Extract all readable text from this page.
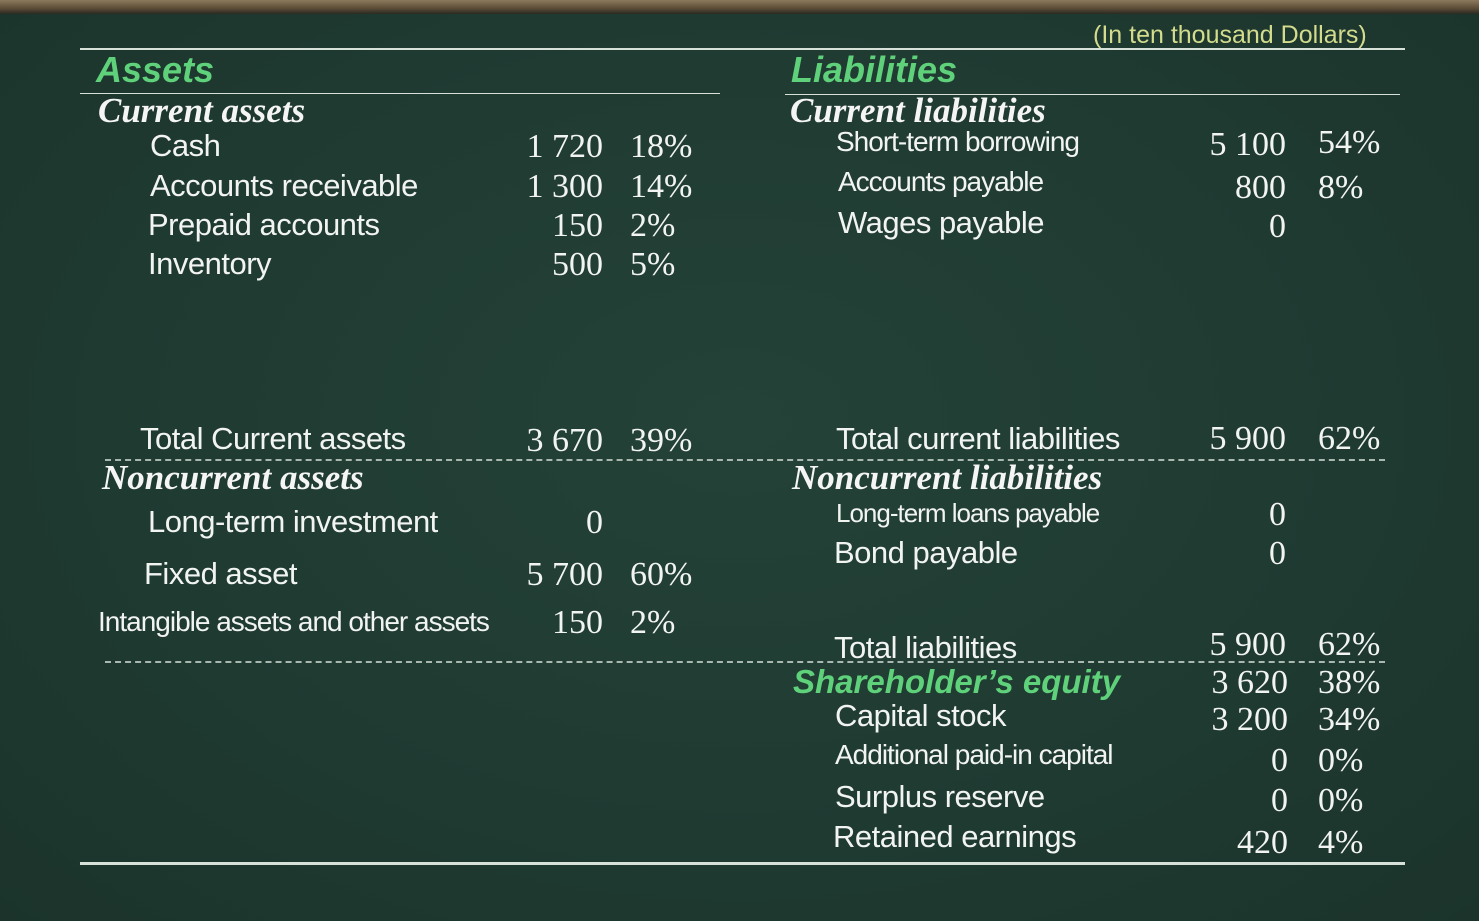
(In ten thousand Dollars)
Assets
Current assets
Cash	1 720 18%
Accounts receivable	1 300 14%
Prepaid accounts	150 2%
Inventory	500 5%
Total Current assets	3 670 39%
Noncurrent assets
Long-term investment	0
Fixed asset	5 700 60%
Intangible assets and other assets	150 2%
Liabilities
Current liabilities
Short-term borrowing	5 100 54%
Accounts payable	800 8%
Wages payable	0
Total current liabilities	5 900 62%
Noncurrent liabilities
Long-term loans payable	0
Bond payable	0
Total liabilities	5 900 62%
Shareholder’s equity	3 620 38%
Capital stock	3 200 34%
Additional paid-in capital	0 0%
Surplus reserve	0 0%
Retained earnings	420 4%
